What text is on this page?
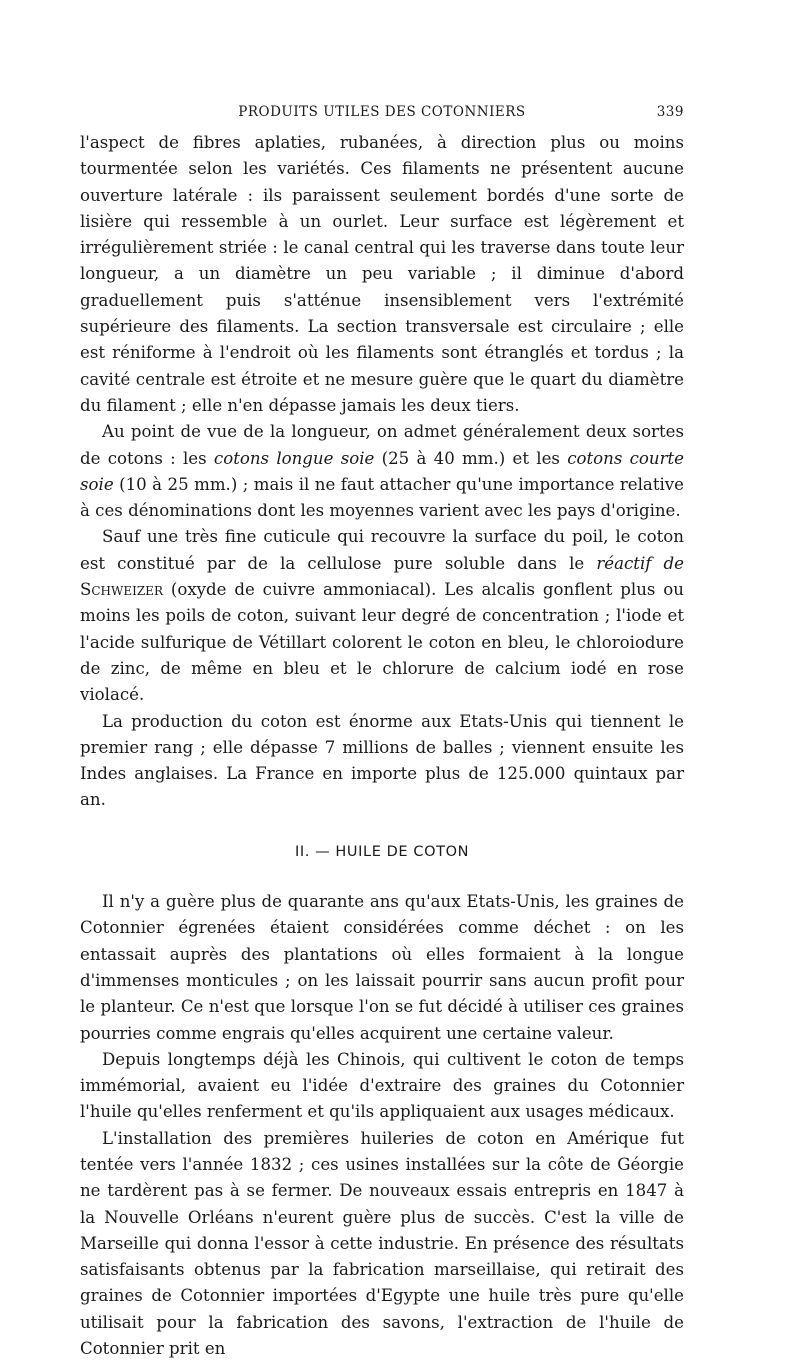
PRODUITS UTILES DES COTONNIERS	339

l'aspect de fibres aplaties, rubanées, à direction plus ou moins tourmentée selon les variétés. Ces filaments ne présentent aucune ouverture latérale : ils paraissent seulement bordés d'une sorte de lisière qui ressemble à un ourlet. Leur surface est légèrement et irrégulièrement striée : le canal central qui les traverse dans toute leur longueur, a un diamètre un peu variable ; il diminue d'abord graduellement puis s'atténue insensiblement vers l'extrémité supérieure des filaments. La section transversale est circulaire ; elle est réniforme à l'endroit où les filaments sont étranglés et tordus ; la cavité centrale est étroite et ne mesure guère que le quart du diamètre du filament ; elle n'en dépasse jamais les deux tiers.

Au point de vue de la longueur, on admet généralement deux sortes de cotons : les cotons longue soie (25 à 40 mm.) et les cotons courte soie (10 à 25 mm.) ; mais il ne faut attacher qu'une importance relative à ces dénominations dont les moyennes varient avec les pays d'origine.

Sauf une très fine cuticule qui recouvre la surface du poil, le coton est constitué par de la cellulose pure soluble dans le réactif de Schweizer (oxyde de cuivre ammoniacal). Les alcalis gonflent plus ou moins les poils de coton, suivant leur degré de concentration ; l'iode et l'acide sulfurique de Vétillart colorent le coton en bleu, le chloroiodure de zinc, de même en bleu et le chlorure de calcium iodé en rose violacé.

La production du coton est énorme aux Etats-Unis qui tiennent le premier rang ; elle dépasse 7 millions de balles ; viennent ensuite les Indes anglaises. La France en importe plus de 125.000 quintaux par an.

II. — HUILE DE COTON

Il n'y a guère plus de quarante ans qu'aux Etats-Unis, les graines de Cotonnier égrenées étaient considérées comme déchet : on les entassait auprès des plantations où elles formaient à la longue d'immenses monticules ; on les laissait pourrir sans aucun profit pour le planteur. Ce n'est que lorsque l'on se fut décidé à utiliser ces graines pourries comme engrais qu'elles acquirent une certaine valeur.

Depuis longtemps déjà les Chinois, qui cultivent le coton de temps immémorial, avaient eu l'idée d'extraire des graines du Cotonnier l'huile qu'elles renferment et qu'ils appliquaient aux usages médicaux.

L'installation des premières huileries de coton en Amérique fut tentée vers l'année 1832 ; ces usines installées sur la côte de Géorgie ne tardèrent pas à se fermer. De nouveaux essais entrepris en 1847 à la Nouvelle Orléans n'eurent guère plus de succès. C'est la ville de Marseille qui donna l'essor à cette industrie. En présence des résultats satisfaisants obtenus par la fabrication marseillaise, qui retirait des graines de Cotonnier importées d'Egypte une huile très pure qu'elle utilisait pour la fabrication des savons, l'extraction de l'huile de Cotonnier prit en
